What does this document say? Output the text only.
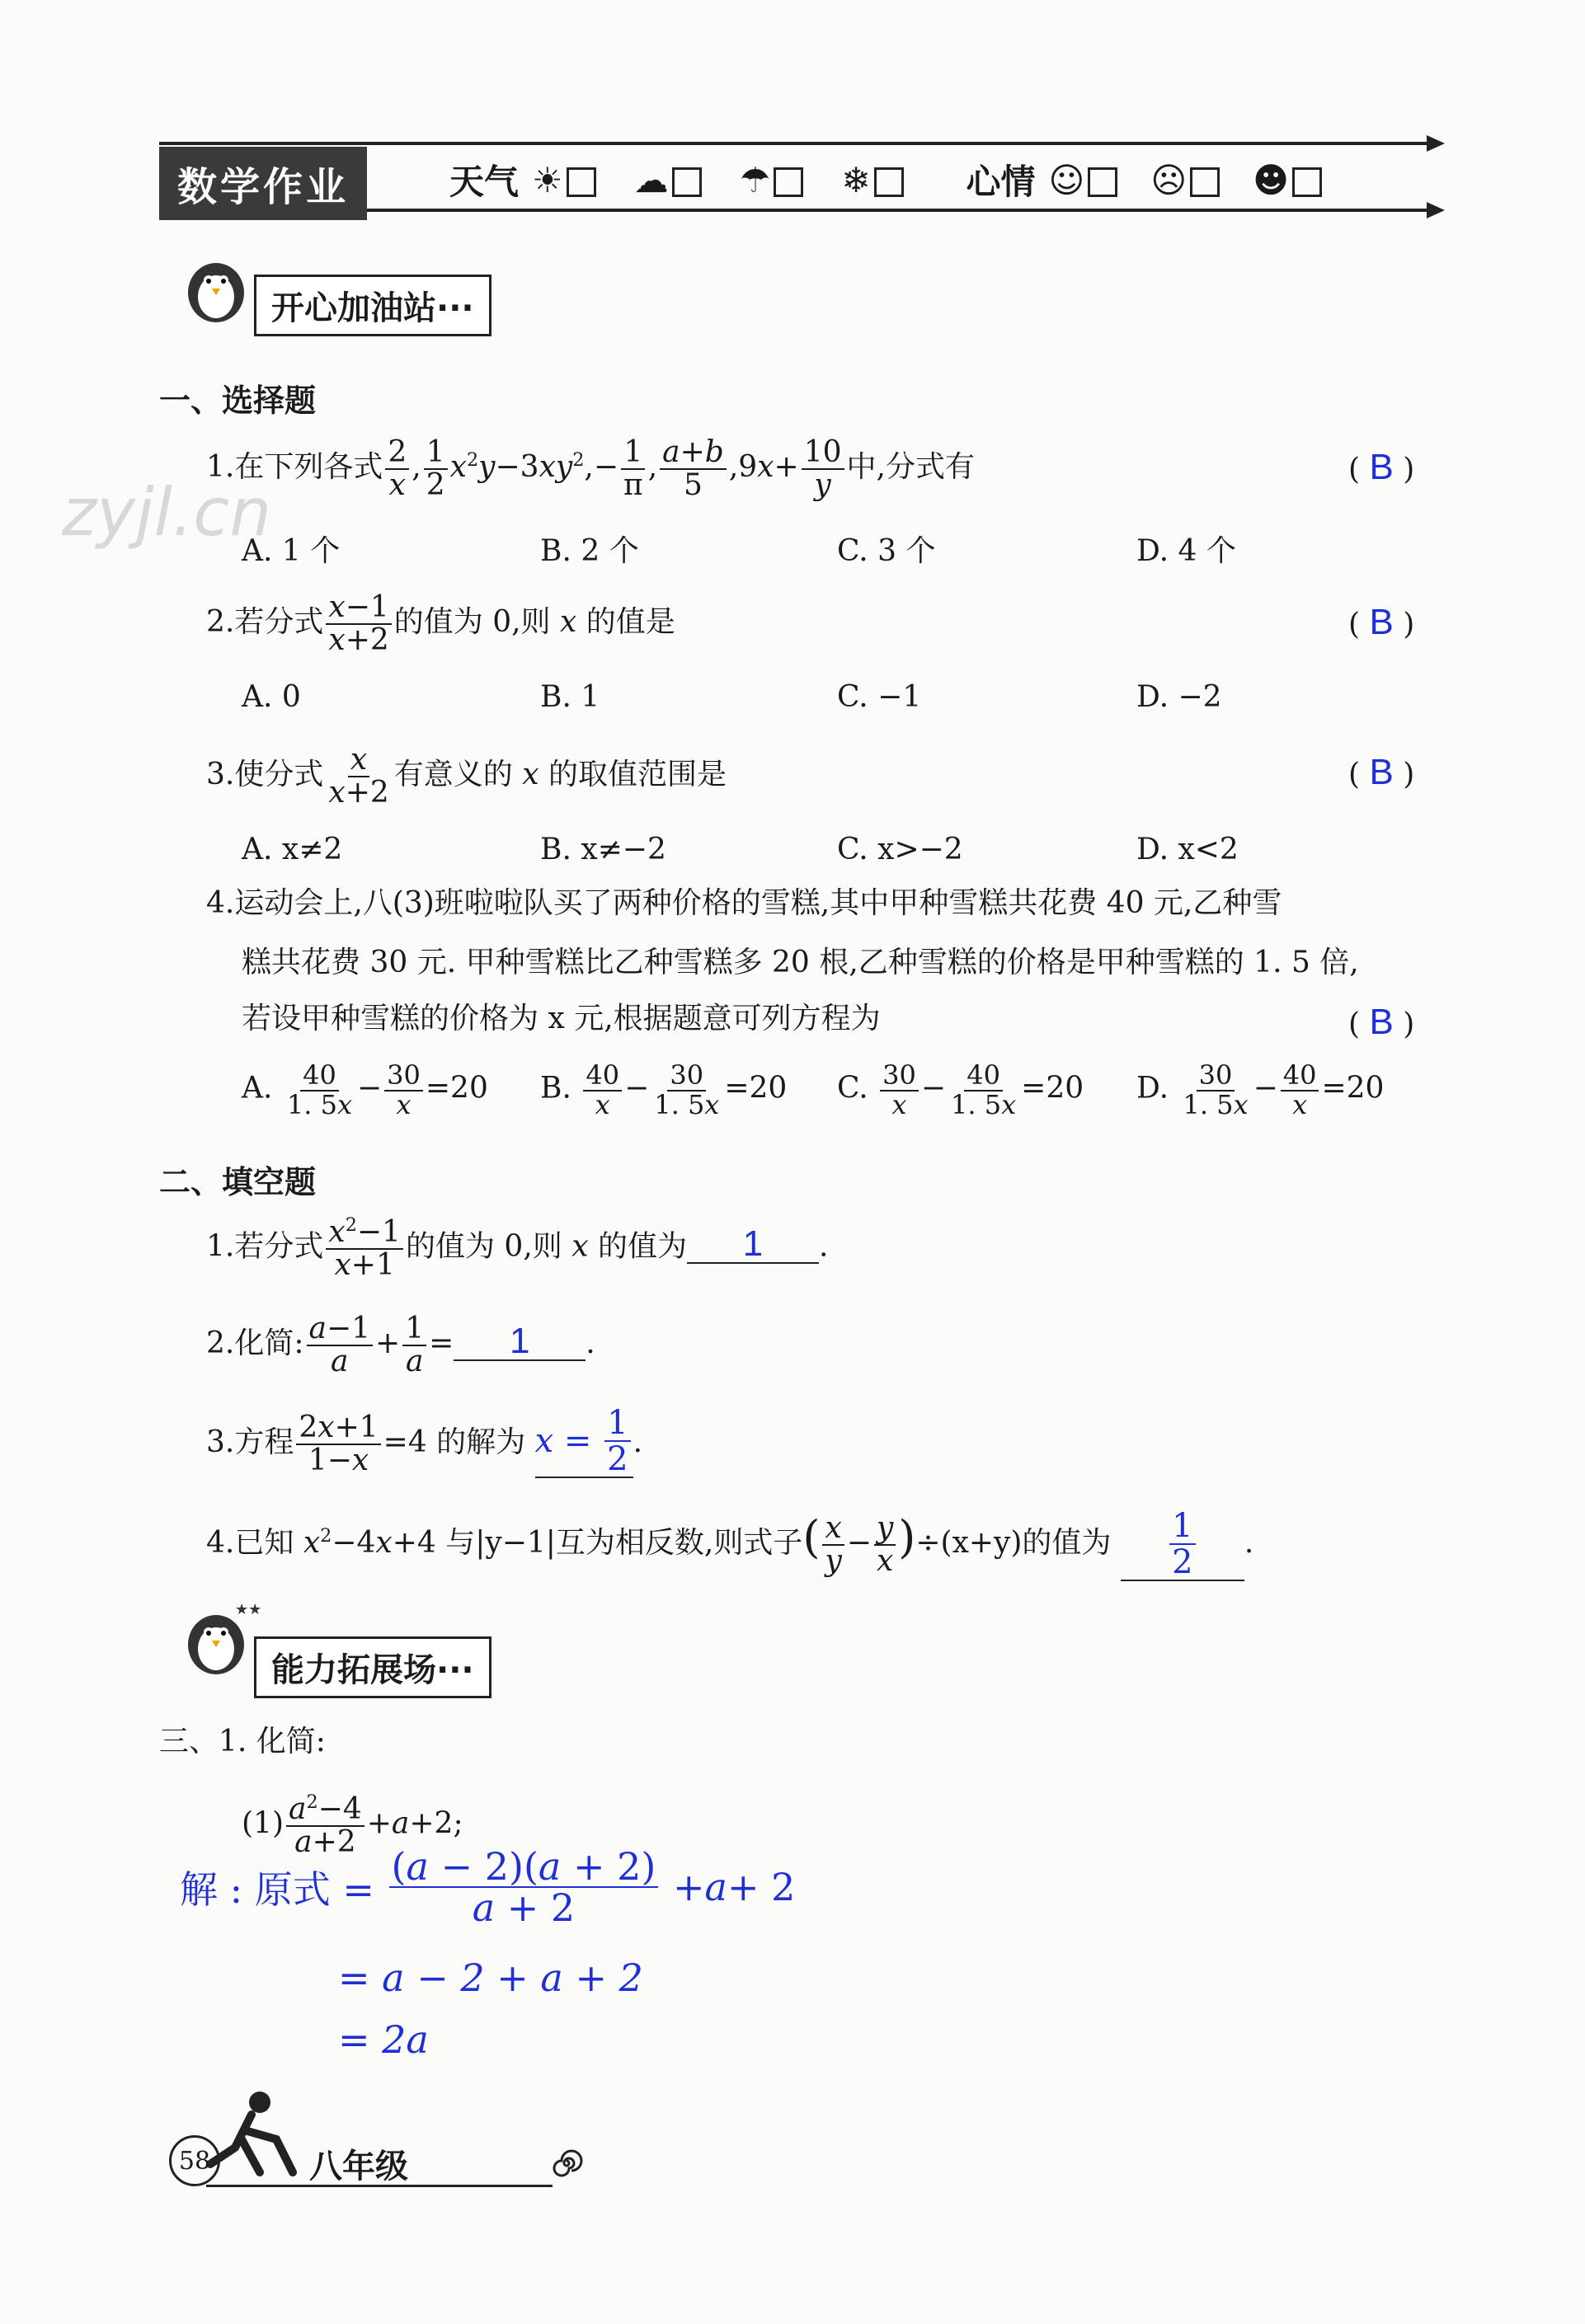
数学作业	天气 ☀	☁	☂	❄	心情 ☺	☹	☻
开心加油站···
一、选择题
1.在下列各式 $\frac{2}{x}$ , $\frac{1}{2} x^2y-3xy^2,- \frac{1}{\pi}$ , $\frac{a+b}{5} ,9x+ \frac{10}{y}$ 中,分式有	( B )
A. 1 个	B. 2 个	C. 3 个	D. 4 个
2.若分式 $\frac{x-1}{x+2}$ 的值为 0,则 x 的值是	( B )
A. 0	B. 1	C. −1	D. −2
3.使分式 $\frac{x}{x+2}$ 有意义的 x 的取值范围是	( B )
A. x≠2	B. x≠−2	C. x>−2	D. x<2
4.运动会上,八(3)班啦啦队买了两种价格的雪糕,其中甲种雪糕共花费 40 元,乙种雪
糕共花费 30 元. 甲种雪糕比乙种雪糕多 20 根,乙种雪糕的价格是甲种雪糕的 1. 5 倍,
若设甲种雪糕的价格为 x 元,根据题意可列方程为	( B )
A. $\frac{40}{1. 5x} - \frac{30}{x} =20$ B. $\frac{40}{x} - \frac{30}{1. 5x} =20$ C. $\frac{30}{x} - \frac{40}{1. 5x} =20$ D. $\frac{30}{1. 5x} - \frac{40}{x} =20$
二、填空题
1.若分式 $\frac{x^2-1}{x+1}$ 的值为 0,则 x 的值为 1 .
2.化简: $\frac{a-1}{a} + \frac{1}{a} = 1$ .
3.方程 $\frac{2x+1}{1-x} =4$ 的解为 x =
$\frac{1}{2}$ .
4.已知 $x^2-4x+4$ 与|y−1|互为相反数,则式子( $\frac{x}{y} - \frac{y}{x} )\div(x+y)$的值为 $\frac{1}{2}$ .
★★
能力拓展场···
三、1. 化简:
$(1) \frac{a^2-4}{a+2} +a+2$;
解 : 原式 =
$\frac{(a - 2)(a + 2)}{a + 2} + a + 2$
= a − 2 + a + 2
= 2a
58	八年级
zyjl.cn
